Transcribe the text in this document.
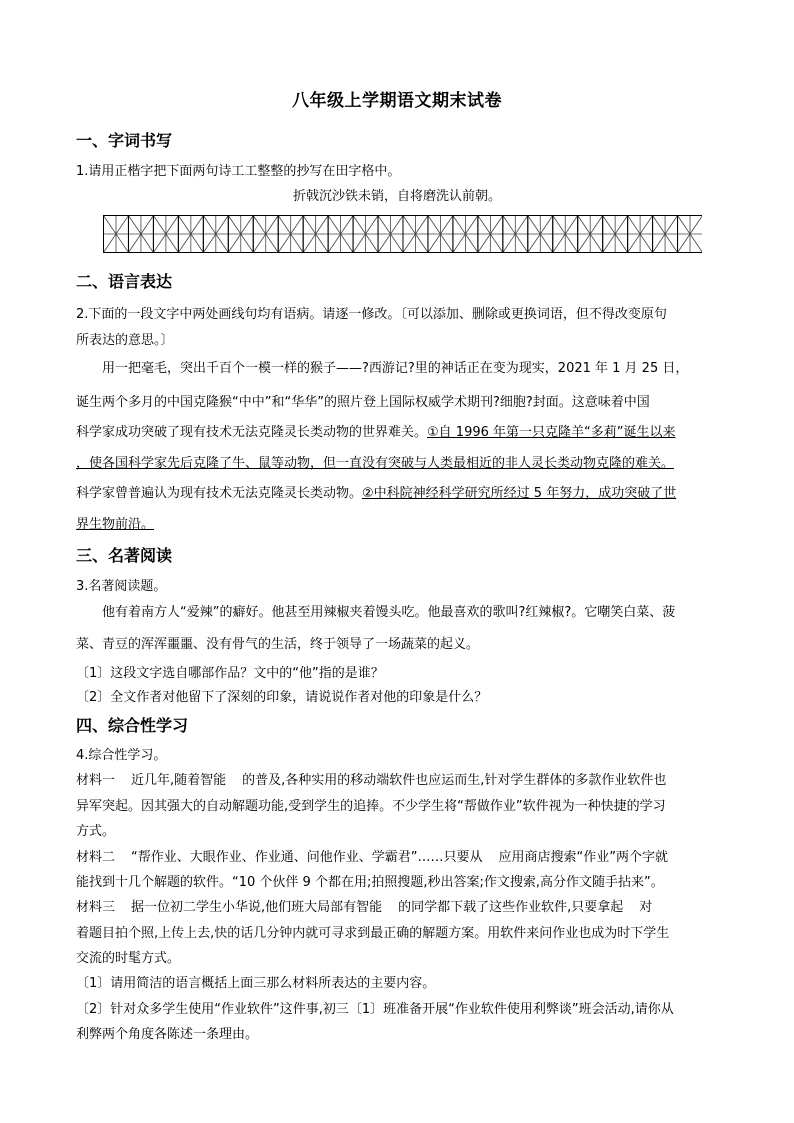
八年级上学期语文期末试卷
一、字词书写
1.请用正楷字把下面两句诗工工整整的抄写在田字格中。
折戟沉沙铁未销，自将磨洗认前朝。
二、语言表达
2.下面的一段文字中两处画线句均有语病。请逐一修改。〔可以添加、删除或更换词语，但不得改变原句
所表达的意思。〕
用一把毫毛，突出千百个一模一样的猴子——?西游记?里的神话正在变为现实，2021 年 1 月 25 日，
诞生两个多月的中国克隆猴“中中”和“华华”的照片登上国际权威学术期刊?细胞?封面。这意味着中国
科学家成功突破了现有技术无法克隆灵长类动物的世界难关。①自 1996 年第一只克隆羊“多莉”诞生以来
，使各国科学家先后克隆了牛、鼠等动物，但一直没有突破与人类最相近的非人灵长类动物克隆的难关。
科学家曾普遍认为现有技术无法克隆灵长类动物。②中科院神经科学研究所经过 5 年努力，成功突破了世
界生物前沿。
三、名著阅读
3.名著阅读题。
他有着南方人“爱辣”的癖好。他甚至用辣椒夹着馒头吃。他最喜欢的歌叫?红辣椒?。它嘲笑白菜、菠
菜、青豆的浑浑噩噩、没有骨气的生活，终于领导了一场蔬菜的起义。
〔1〕这段文字选自哪部作品？文中的“他”指的是谁？
〔2〕全文作者对他留下了深刻的印象，请说说作者对他的印象是什么？
四、综合性学习
4.综合性学习。
材料一 近几年,随着智能 的普及,各种实用的移动端软件也应运而生,针对学生群体的多款作业软件也
异军突起。因其强大的自动解题功能,受到学生的追捧。不少学生将“帮做作业”软件视为一种快捷的学习
方式。
材料二 “帮作业、大眼作业、作业通、问他作业、学霸君”……只要从 应用商店搜索“作业”两个字就
能找到十几个解题的软件。“10 个伙伴 9 个都在用;拍照搜题,秒出答案;作文搜索,高分作文随手拈来”。
材料三 据一位初二学生小华说,他们班大局部有智能 的同学都下载了这些作业软件,只要拿起 对
着题目拍个照,上传上去,快的话几分钟内就可寻求到最正确的解题方案。用软件来问作业也成为时下学生
交流的时髦方式。
〔1〕请用简洁的语言概括上面三那么材料所表达的主要内容。
〔2〕针对众多学生使用“作业软件”这件事,初三〔1〕班准备开展“作业软件使用利弊谈”班会活动,请你从
利弊两个角度各陈述一条理由。
